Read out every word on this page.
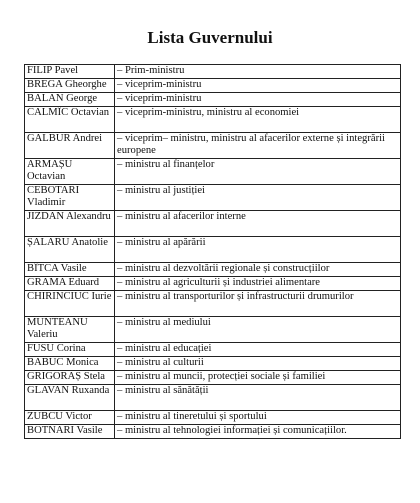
Lista Guvernului
FILIP Pavel	– Prim-ministru
BREGA Gheorghe	– viceprim-ministru
BALAN George	– viceprim-ministru
CALMÎC Octavian	– viceprim-ministru, ministru al economiei
GALBUR Andrei	– viceprim– ministru, ministru al afacerilor externe și integrării europene
ARMAȘU Octavian	– ministru al finanțelor
CEBOTARI Vladimir	– ministru al justiției
JIZDAN Alexandru	– ministru al afacerilor interne
ȘALARU Anatolie	– ministru al apărării
BÎTCA Vasile	– ministru al dezvoltării regionale și construcțiilor
GRAMA Eduard	– ministru al agriculturii și industriei alimentare
CHIRINCIUC Iurie	– ministru al transporturilor și infrastructurii drumurilor
MUNTEANU Valeriu	– ministru al mediului
FUSU Corina	– ministru al educației
BABUC Monica	– ministru al culturii
GRIGORAȘ Stela	– ministru al muncii, protecției sociale și familiei
GLAVAN Ruxanda	– ministru al sănătății
ZUBCU Victor	– ministru al tineretului și sportului
BOTNARI Vasile	– ministru al tehnologiei informației și comunicațiilor.
